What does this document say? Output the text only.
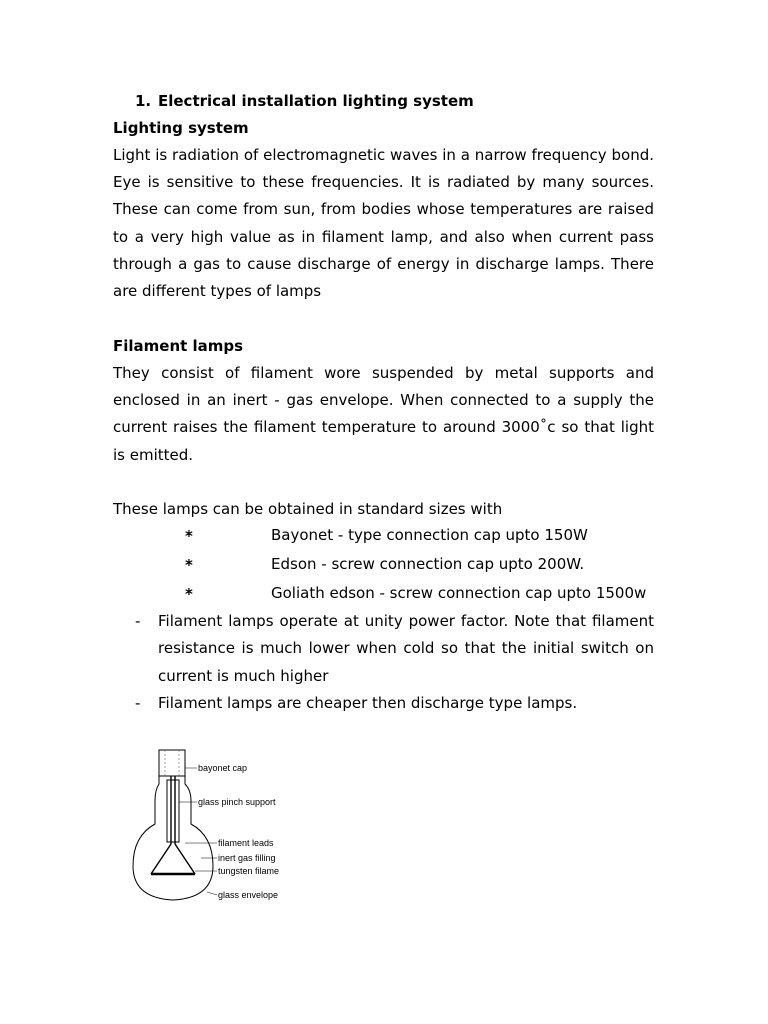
1. Electrical installation lighting system
Lighting system
Light is radiation of electromagnetic waves in a narrow frequency bond. Eye is sensitive to these frequencies. It is radiated by many sources. These can come from sun, from bodies whose temperatures are raised to a very high value as in filament lamp, and also when current pass through a gas to cause discharge of energy in discharge lamps. There are different types of lamps
Filament lamps
They consist of filament wore suspended by metal supports and enclosed in an inert - gas envelope. When connected to a supply the current raises the filament temperature to around 3000˚c so that light is emitted.
These lamps can be obtained in standard sizes with
*	Bayonet - type connection cap upto 150W
*	Edson - screw connection cap upto 200W.
*	Goliath edson - screw connection cap upto 1500w
- Filament lamps operate at unity power factor. Note that filament resistance is much lower when cold so that the initial switch on current is much higher
- Filament lamps are cheaper then discharge type lamps.
bayonet cap
glass pinch support
filament leads
inert gas filling
tungsten filame
glass envelope
